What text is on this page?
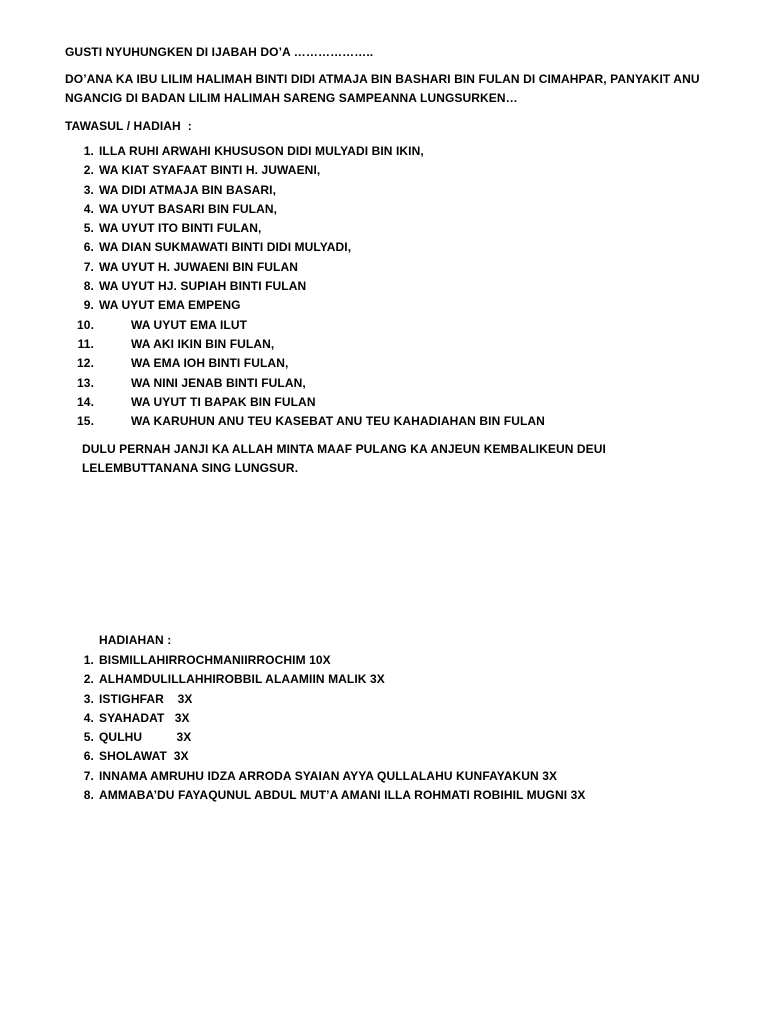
GUSTI NYUHUNGKEN DI IJABAH DO’A ………………..
DO’ANA KA IBU LILIM HALIMAH BINTI DIDI ATMAJA BIN BASHARI BIN FULAN DI CIMAHPAR, PANYAKIT ANU NGANCIG DI BADAN LILIM HALIMAH SARENG SAMPEANNA LUNGSURKEN…
TAWASUL / HADIAH  :
1. ILLA RUHI ARWAHI KHUSUSON DIDI MULYADI BIN IKIN,
2. WA KIAT SYAFAAT BINTI H. JUWAENI,
3. WA DIDI ATMAJA BIN BASARI,
4. WA UYUT BASARI BIN FULAN,
5. WA UYUT ITO BINTI FULAN,
6. WA DIAN SUKMAWATI BINTI DIDI MULYADI,
7. WA UYUT H. JUWAENI BIN FULAN
8. WA UYUT HJ. SUPIAH BINTI FULAN
9. WA UYUT EMA EMPENG
10.	WA UYUT EMA ILUT
11.	WA AKI IKIN BIN FULAN,
12.	WA EMA IOH BINTI FULAN,
13.	WA NINI JENAB BINTI FULAN,
14.	WA UYUT TI BAPAK BIN FULAN
15.	WA KARUHUN ANU TEU KASEBAT ANU TEU KAHADIAHAN BIN FULAN
DULU PERNAH JANJI KA ALLAH MINTA MAAF PULANG KA ANJEUN KEMBALIKEUN DEUI LELEMBUTTANANA SING LUNGSUR.
HADIAHAN :
1. BISMILLAHIRROCHMANIIRROCHIM 10X
2. ALHAMDULILLAHHIROBBIL ALAAMIIN MALIK 3X
3. ISTIGHFAR    3X
4. SYAHADAT   3X
5. QULHU          3X
6. SHOLAWAT  3X
7. INNAMA AMRUHU IDZA ARRODA SYAIAN AYYA QULLALAHU KUNFAYAKUN 3X
8. AMMABA’DU FAYAQUNUL ABDUL MUT’A AMANI ILLA ROHMATI ROBIHIL MUGNI 3X
